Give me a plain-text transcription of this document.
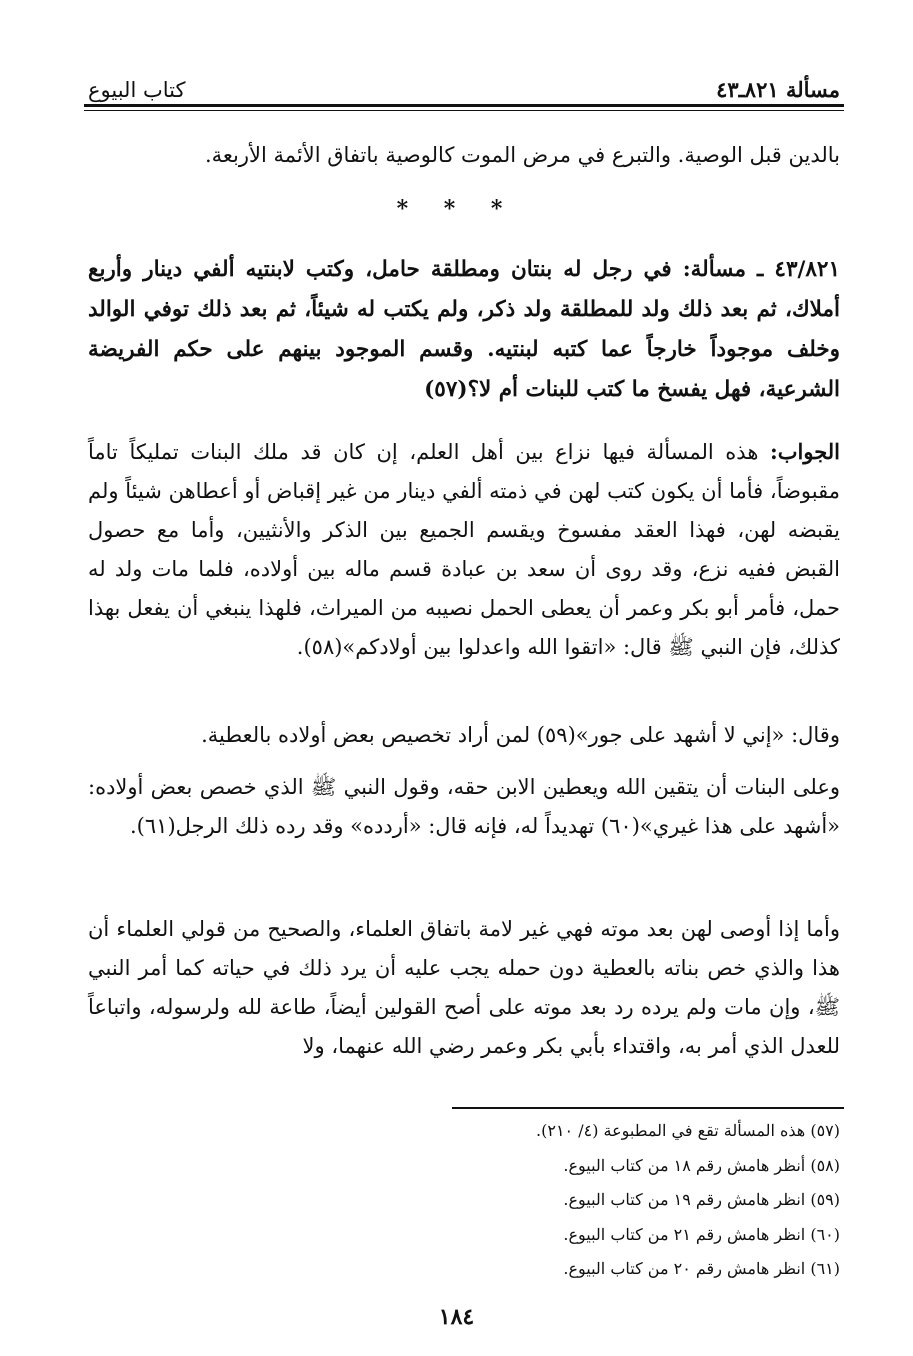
مسألة ٨٢١ـ٤٣
كتاب البيوع
بالدين قبل الوصية. والتبرع في مرض الموت كالوصية باتفاق الأئمة الأربعة.
* * *
٤٣/٨٢١ ـ مسألة: في رجل له بنتان ومطلقة حامل، وكتب لابنتيه ألفي دينار وأربع أملاك، ثم بعد ذلك ولد للمطلقة ولد ذكر، ولم يكتب له شيئاً، ثم بعد ذلك توفي الوالد وخلف موجوداً خارجاً عما كتبه لبنتيه. وقسم الموجود بينهم على حكم الفريضة الشرعية، فهل يفسخ ما كتب للبنات أم لا؟(٥٧)
الجواب: هذه المسألة فيها نزاع بين أهل العلم، إن كان قد ملك البنات تمليكاً تاماً مقبوضاً، فأما أن يكون كتب لهن في ذمته ألفي دينار من غير إقباض أو أعطاهن شيئاً ولم يقبضه لهن، فهذا العقد مفسوخ ويقسم الجميع بين الذكر والأنثيين، وأما مع حصول القبض ففيه نزع، وقد روى أن سعد بن عبادة قسم ماله بين أولاده، فلما مات ولد له حمل، فأمر أبو بكر وعمر أن يعطى الحمل نصيبه من الميراث، فلهذا ينبغي أن يفعل بهذا كذلك، فإن النبي ﷺ قال: «اتقوا الله واعدلوا بين أولادكم»(٥٨).
وقال: «إني لا أشهد على جور»(٥٩) لمن أراد تخصيص بعض أولاده بالعطية.
وعلى البنات أن يتقين الله ويعطين الابن حقه، وقول النبي ﷺ الذي خصص بعض أولاده: «أشهد على هذا غيري»(٦٠) تهديداً له، فإنه قال: «أردده» وقد رده ذلك الرجل(٦١).
وأما إذا أوصى لهن بعد موته فهي غير لامة باتفاق العلماء، والصحيح من قولي العلماء أن هذا والذي خص بناته بالعطية دون حمله يجب عليه أن يرد ذلك في حياته كما أمر النبي ﷺ، وإن مات ولم يرده رد بعد موته على أصح القولين أيضاً، طاعة لله ولرسوله، واتباعاً للعدل الذي أمر به، واقتداء بأبي بكر وعمر رضي الله عنهما، ولا
(٥٧) هذه المسألة تقع في المطبوعة (٤/ ٢١٠).
(٥٨) أنظر هامش رقم ١٨ من كتاب البيوع.
(٥٩) انظر هامش رقم ١٩ من كتاب البيوع.
(٦٠) انظر هامش رقم ٢١ من كتاب البيوع.
(٦١) انظر هامش رقم ٢٠ من كتاب البيوع.
١٨٤
